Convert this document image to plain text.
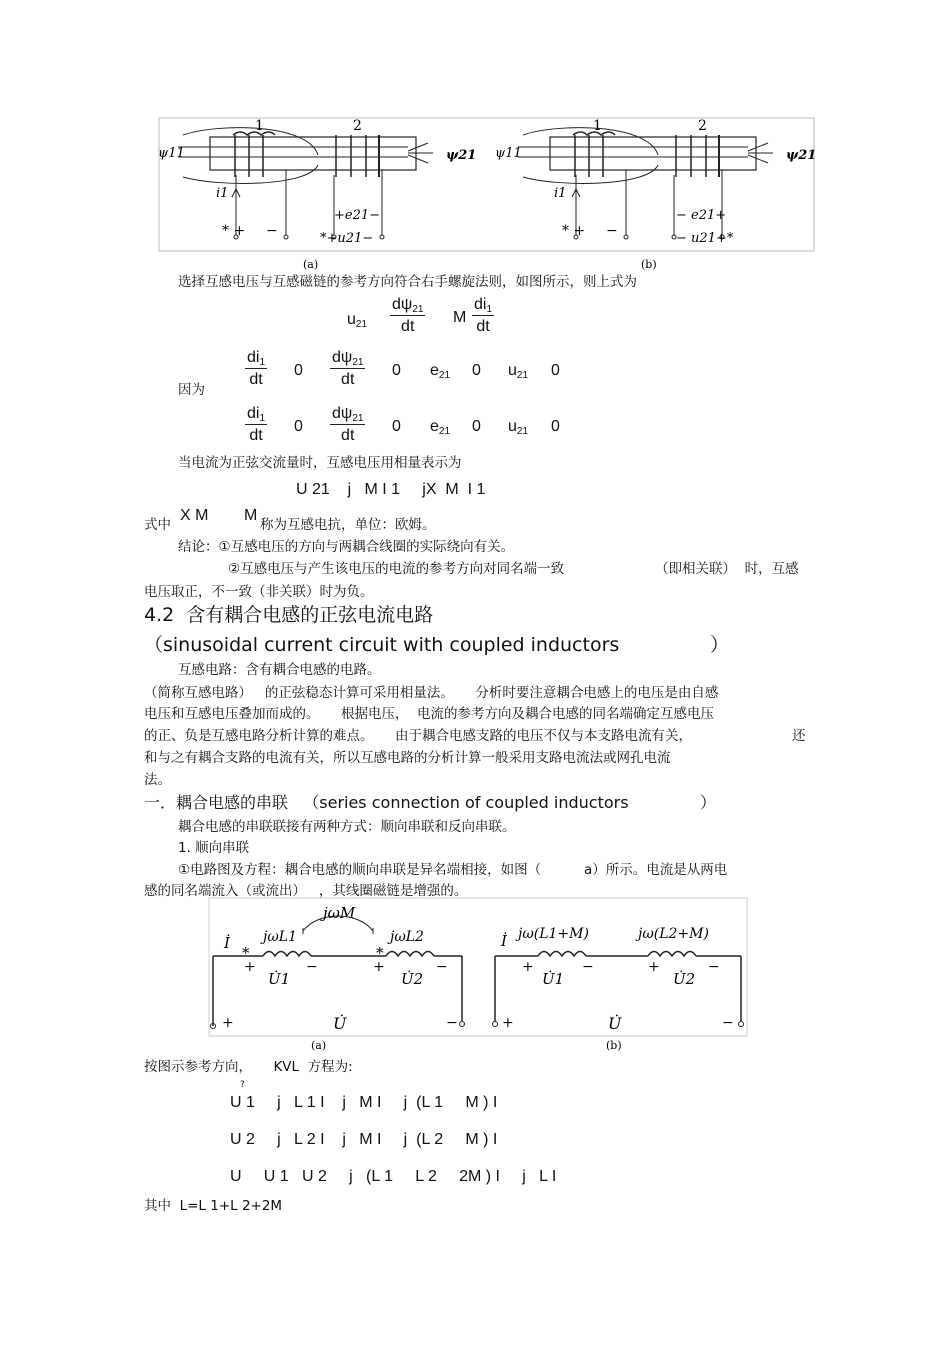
1	2
ψ11	ψ21
i1
* + −
+e21−
*+u21−
(a)
1	2
ψ11	ψ21
i1
* + −
− e21+
− u21+*
(b)
选择互感电压与互感磁链的参考方向符合右手螺旋法则，如图所示，则上式为
$u_{21} \frac{d\psi_{21}}{dt}$ M $\frac{di_1}{dt}$
因为
$\frac{di_1}{dt} 0 \frac{d\psi_{21}}{dt} 0$ $e_{21}$ 0 $u_{21}$ 0
$\frac{di_1}{dt} 0 \frac{d\psi_{21}}{dt} 0$ $e_{21}$ 0 $u_{21}$ 0
当电流为正弦交流量时，互感电压用相量表示为
U 21    j   M I 1     jX  M  I 1
式中
X M        M
称为互感电抗，单位：欧姆。
结论：①互感电压的方向与两耦合线圈的实际绕向有关。
②互感电压与产生该电压的电流的参考方向对同名端一致	（即相关联）  时，互感
电压取正，不一致（非关联）时为负。
4.2  含有耦合电感的正弦电流电路
（sinusoidal current circuit with coupled inductors	）
互感电路：含有耦合电感的电路。
（简称互感电路）   的正弦稳态计算可采用相量法。     分析时要注意耦合电感上的电压是由自感
电压和互感电压叠加而成的。     根据电压，  电流的参考方向及耦合电感的同名端确定互感电压
的正、负是互感电路分析计算的难点。     由于耦合电感支路的电压不仅与本支路电流有关，	还
和与之有耦合支路的电流有关，所以互感电路的分析计算一般采用支路电流法或网孔电流
法。
一．耦合电感的串联   （series connection of coupled inductors	）
耦合电感的串联联接有两种方式：顺向串联和反向串联。
1. 顺向串联
①电路图及方程：耦合电感的顺向串联是异名端相接，如图（          a）所示。电流是从两电
感的同名端流入（或流出）   ，其线圈磁链是增强的。
jωM
jωL1	jωL2
İ
*	*
+	−
U̇1
+	−
U̇2
+	−
U̇
(a)
jω(L1+M)	jω(L2+M)
İ
+	−
U̇1
+	−
U̇2
+	−
U̇
(b)
按图示参考方向，     KVL  方程为:
?
U 1     j   L 1 I    j   M I     j  (L 1     M ) I
U 2     j   L 2 I    j   M I     j  (L 2     M ) I
U     U 1   U 2     j   (L 1     L 2     2M ) I     j   L I
其中  L=L 1+L 2+2M
